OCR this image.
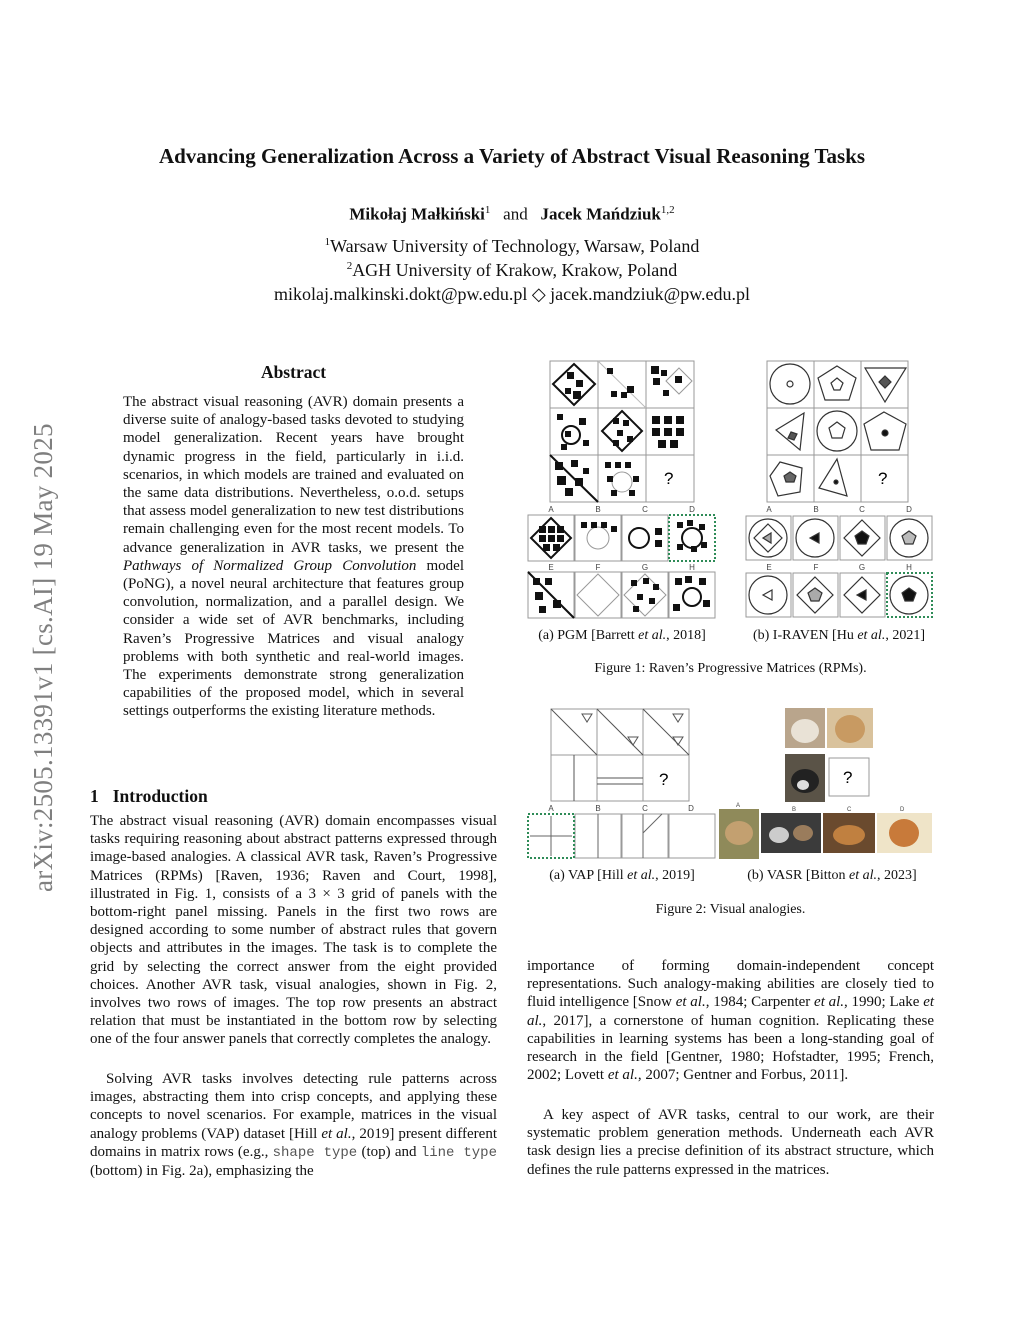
arXiv:2505.13391v1 [cs.AI] 19 May 2025
Advancing Generalization Across a Variety of Abstract Visual Reasoning Tasks
Mikołaj Małkiński$^1$ and Jacek Mańdziuk$^{1,2}$
$^1$Warsaw University of Technology, Warsaw, Poland
$^2$AGH University of Krakow, Krakow, Poland
mikolaj.malkinski.dokt@pw.edu.pl ◇ jacek.mandziuk@pw.edu.pl
Abstract
The abstract visual reasoning (AVR) domain presents a diverse suite of analogy-based tasks devoted to studying model generalization. Recent years have brought dynamic progress in the field, particularly in i.i.d. scenarios, in which models are trained and evaluated on the same data distributions. Nevertheless, o.o.d. setups that assess model generalization to new test distributions remain challenging even for the most recent models. To advance generalization in AVR tasks, we present the Pathways of Normalized Group Convolution model (PoNG), a novel neural architecture that features group convolution, normalization, and a parallel design. We consider a wide set of AVR benchmarks, including Raven’s Progressive Matrices and visual analogy problems with both synthetic and real-world images. The experiments demonstrate strong generalization capabilities of the proposed model, which in several settings outperforms the existing literature methods.
1 Introduction
The abstract visual reasoning (AVR) domain encompasses visual tasks requiring reasoning about abstract patterns expressed through image-based analogies. A classical AVR task, Raven’s Progressive Matrices (RPMs) [Raven, 1936; Raven and Court, 1998], illustrated in Fig. 1, consists of a 3 × 3 grid of panels with the bottom-right panel missing. Panels in the first two rows are designed according to some number of abstract rules that govern objects and attributes in the images. The task is to complete the grid by selecting the correct answer from the eight provided choices. Another AVR task, visual analogies, shown in Fig. 2, involves two rows of images. The top row presents an abstract relation that must be instantiated in the bottom row by selecting one of the four answer panels that correctly completes the analogy.
Solving AVR tasks involves detecting rule patterns across images, abstracting them into crisp concepts, and applying these concepts to novel scenarios. For example, matrices in the visual analogy problems (VAP) dataset [Hill et al., 2019] present different domains in matrix rows (e.g., shape type (top) and line type (bottom) in Fig. 2a), emphasizing the
importance of forming domain-independent concept representations. Such analogy-making abilities are closely tied to fluid intelligence [Snow et al., 1984; Carpenter et al., 1990; Lake et al., 2017], a cornerstone of human cognition. Replicating these capabilities in learning systems has been a long-standing goal of research in the field [Gentner, 1980; Hofstadter, 1995; French, 2002; Lovett et al., 2007; Gentner and Forbus, 2011].
A key aspect of AVR tasks, central to our work, are their systematic problem generation methods. Underneath each AVR task design lies a precise definition of its abstract structure, which defines the rule patterns expressed in the matrices.
?
A	B	C	D
E	F	G	H
?
A	B	C	D
E	F	G	H
(a) PGM [Barrett et al., 2018]	(b) I-RAVEN [Hu et al., 2021]
Figure 1: Raven’s Progressive Matrices (RPMs).
?
A	B	C	D
?
A
B	C	D
(a) VAP [Hill et al., 2019]	(b) VASR [Bitton et al., 2023]
Figure 2: Visual analogies.
